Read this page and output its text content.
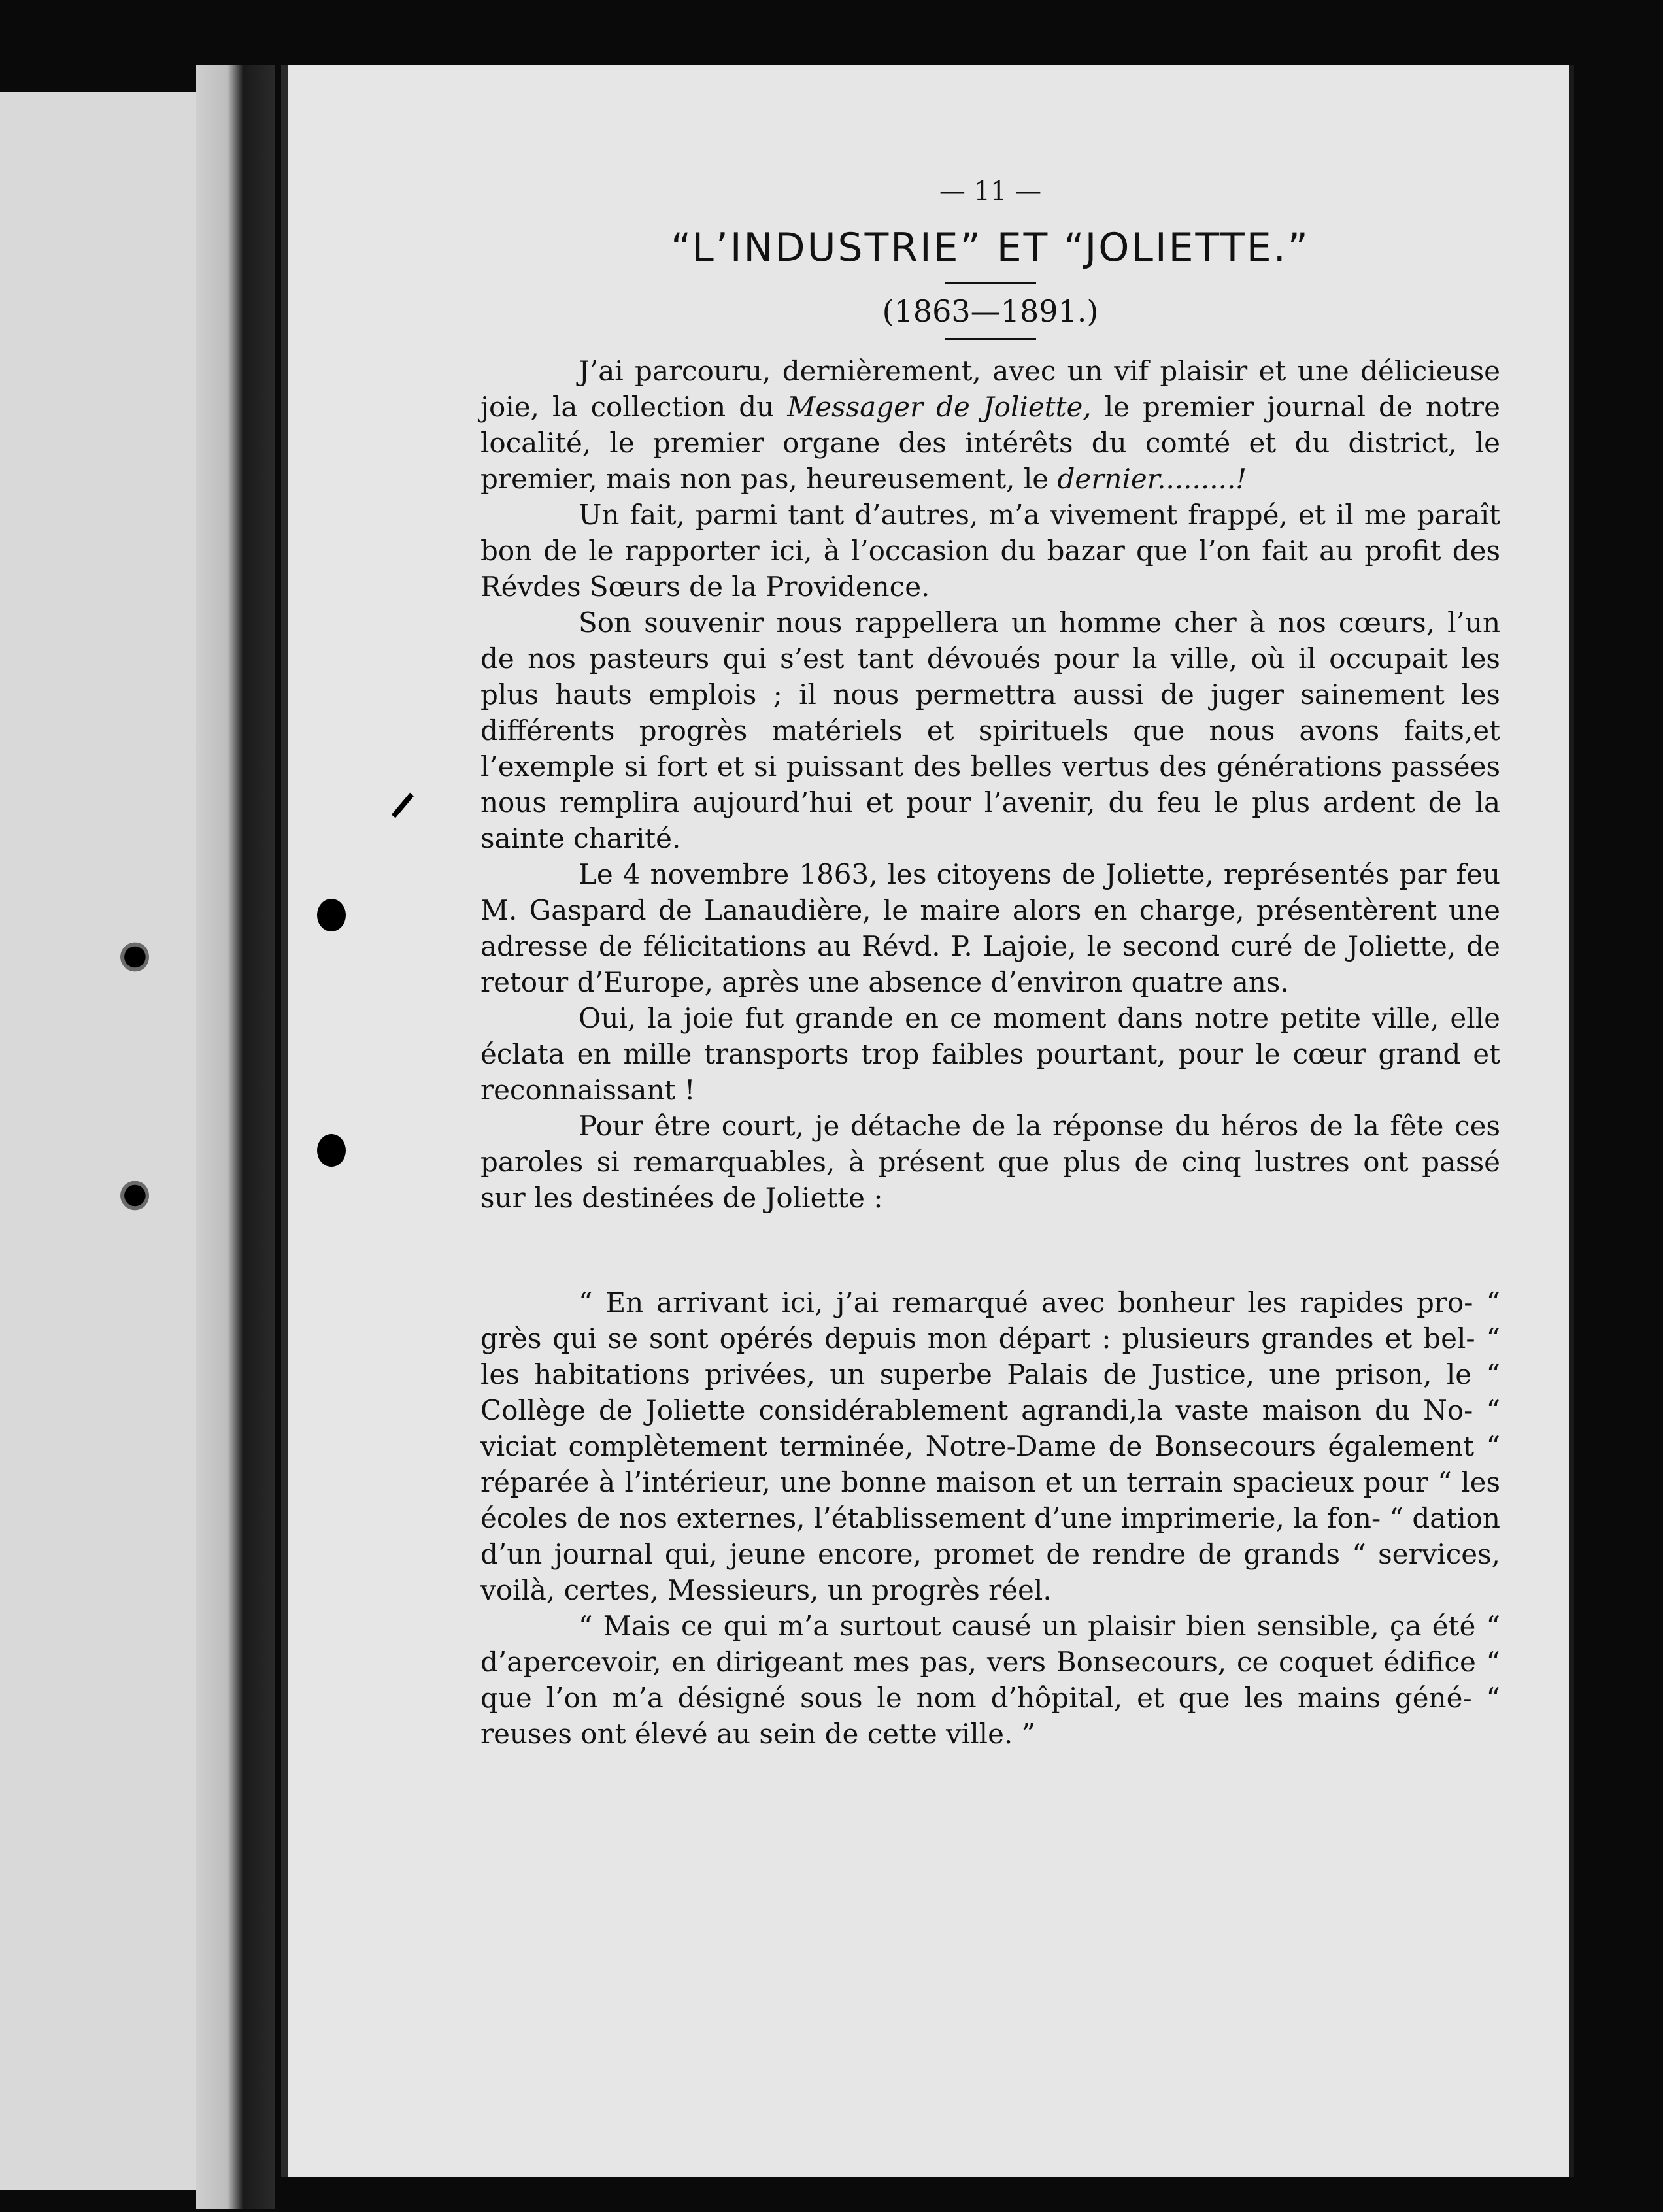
— 11 —
“L’INDUSTRIE” ET “JOLIETTE.”
(1863—1891.)

J’ai parcouru, dernièrement, avec un vif plaisir et une délicieuse joie, la collection du Messager de Joliette, le premier journal de notre localité, le premier organe des intérêts du comté et du district, le premier, mais non pas, heureusement, le dernier.........!

Un fait, parmi tant d’autres, m’a vivement frappé, et il me paraît bon de le rapporter ici, à l’occasion du bazar que l’on fait au profit des Révdes Sœurs de la Providence.

Son souvenir nous rappellera un homme cher à nos cœurs, l’un de nos pasteurs qui s’est tant dévoués pour la ville, où il occupait les plus hauts emplois ; il nous permettra aussi de juger sainement les différents progrès matériels et spirituels que nous avons faits,et l’exemple si fort et si puissant des belles vertus des générations passées nous remplira aujourd’hui et pour l’avenir, du feu le plus ardent de la sainte charité.

Le 4 novembre 1863, les citoyens de Joliette, représentés par feu M. Gaspard de Lanaudière, le maire alors en charge, présentèrent une adresse de félicitations au Révd. P. Lajoie, le second curé de Joliette, de retour d’Europe, après une absence d’environ quatre ans.

Oui, la joie fut grande en ce moment dans notre petite ville, elle éclata en mille transports trop faibles pourtant, pour le cœur grand et reconnaissant !

Pour être court, je détache de la réponse du héros de la fête ces paroles si remarquables, à présent que plus de cinq lustres ont passé sur les destinées de Joliette :

“ En arrivant ici, j’ai remarqué avec bonheur les rapides pro- “ grès qui se sont opérés depuis mon départ : plusieurs grandes et bel- “ les habitations privées, un superbe Palais de Justice, une prison, le “ Collège de Joliette considérablement agrandi,la vaste maison du No- “ viciat complètement terminée, Notre-Dame de Bonsecours également “ réparée à l’intérieur, une bonne maison et un terrain spacieux pour “ les écoles de nos externes, l’établissement d’une imprimerie, la fon- “ dation d’un journal qui, jeune encore, promet de rendre de grands “ services, voilà, certes, Messieurs, un progrès réel.

“ Mais ce qui m’a surtout causé un plaisir bien sensible, ça été “ d’apercevoir, en dirigeant mes pas, vers Bonsecours, ce coquet édifice “ que l’on m’a désigné sous le nom d’hôpital, et que les mains géné- “ reuses ont élevé au sein de cette ville. ”
